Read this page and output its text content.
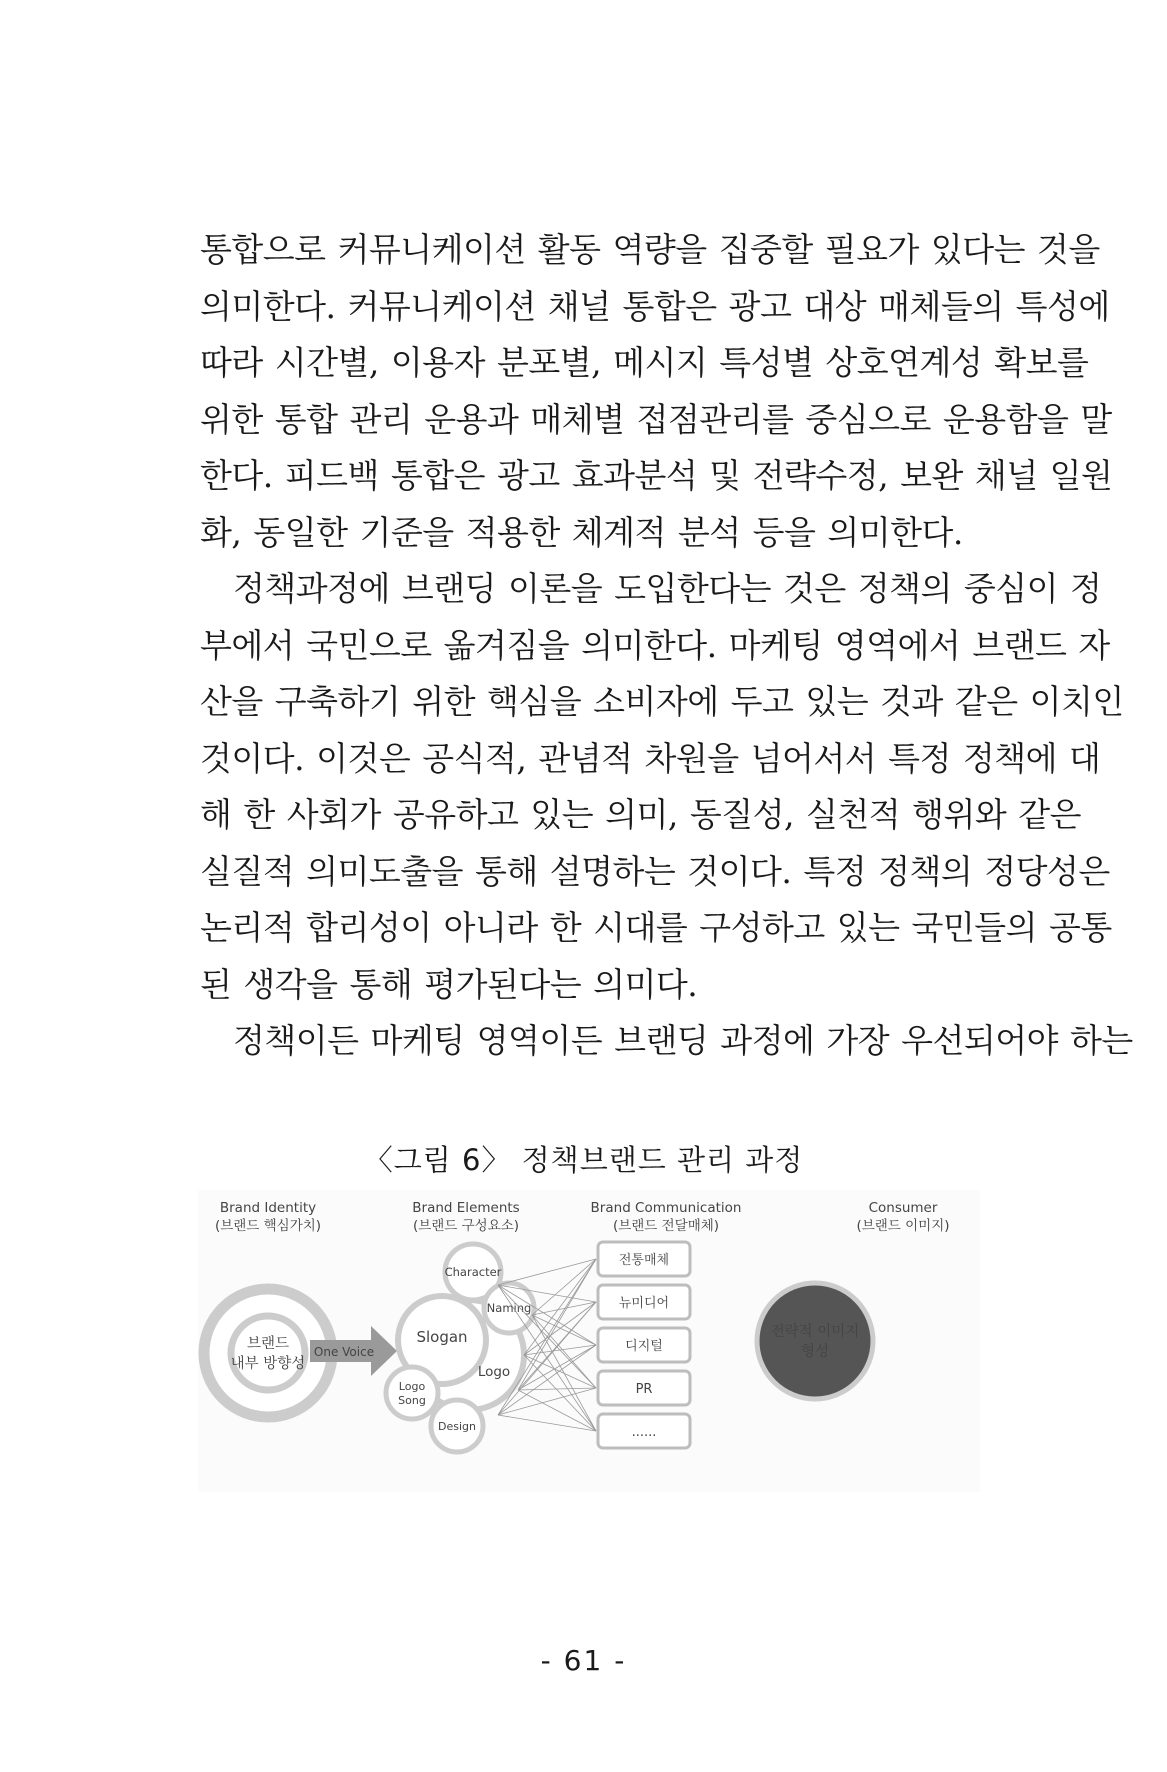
통합으로 커뮤니케이션 활동 역량을 집중할 필요가 있다는 것을
의미한다. 커뮤니케이션 채널 통합은 광고 대상 매체들의 특성에
따라 시간별, 이용자 분포별, 메시지 특성별 상호연계성 확보를
위한 통합 관리 운용과 매체별 접점관리를 중심으로 운용함을 말
한다. 피드백 통합은 광고 효과분석 및 전략수정, 보완 채널 일원
화, 동일한 기준을 적용한 체계적 분석 등을 의미한다.

정책과정에 브랜딩 이론을 도입한다는 것은 정책의 중심이 정
부에서 국민으로 옮겨짐을 의미한다. 마케팅 영역에서 브랜드 자
산을 구축하기 위한 핵심을 소비자에 두고 있는 것과 같은 이치인
것이다. 이것은 공식적, 관념적 차원을 넘어서서 특정 정책에 대
해 한 사회가 공유하고 있는 의미, 동질성, 실천적 행위와 같은
실질적 의미도출을 통해 설명하는 것이다. 특정 정책의 정당성은
논리적 합리성이 아니라 한 시대를 구성하고 있는 국민들의 공통
된 생각을 통해 평가된다는 의미다.

정책이든 마케팅 영역이든 브랜딩 과정에 가장 우선되어야 하는

〈그림 6〉 정책브랜드 관리 과정
Brand Identity
(브랜드 핵심가치)
Brand Elements
(브랜드 구성요소)
Brand Communication
(브랜드 전달매체)
Consumer
(브랜드 이미지)
브랜드
내부 방향성
One Voice
Character
Naming
Slogan
Logo
Logo
Song
Design
전통매체
뉴미디어
디지털
PR
......
전략적 이미지
형성
- 61 -
